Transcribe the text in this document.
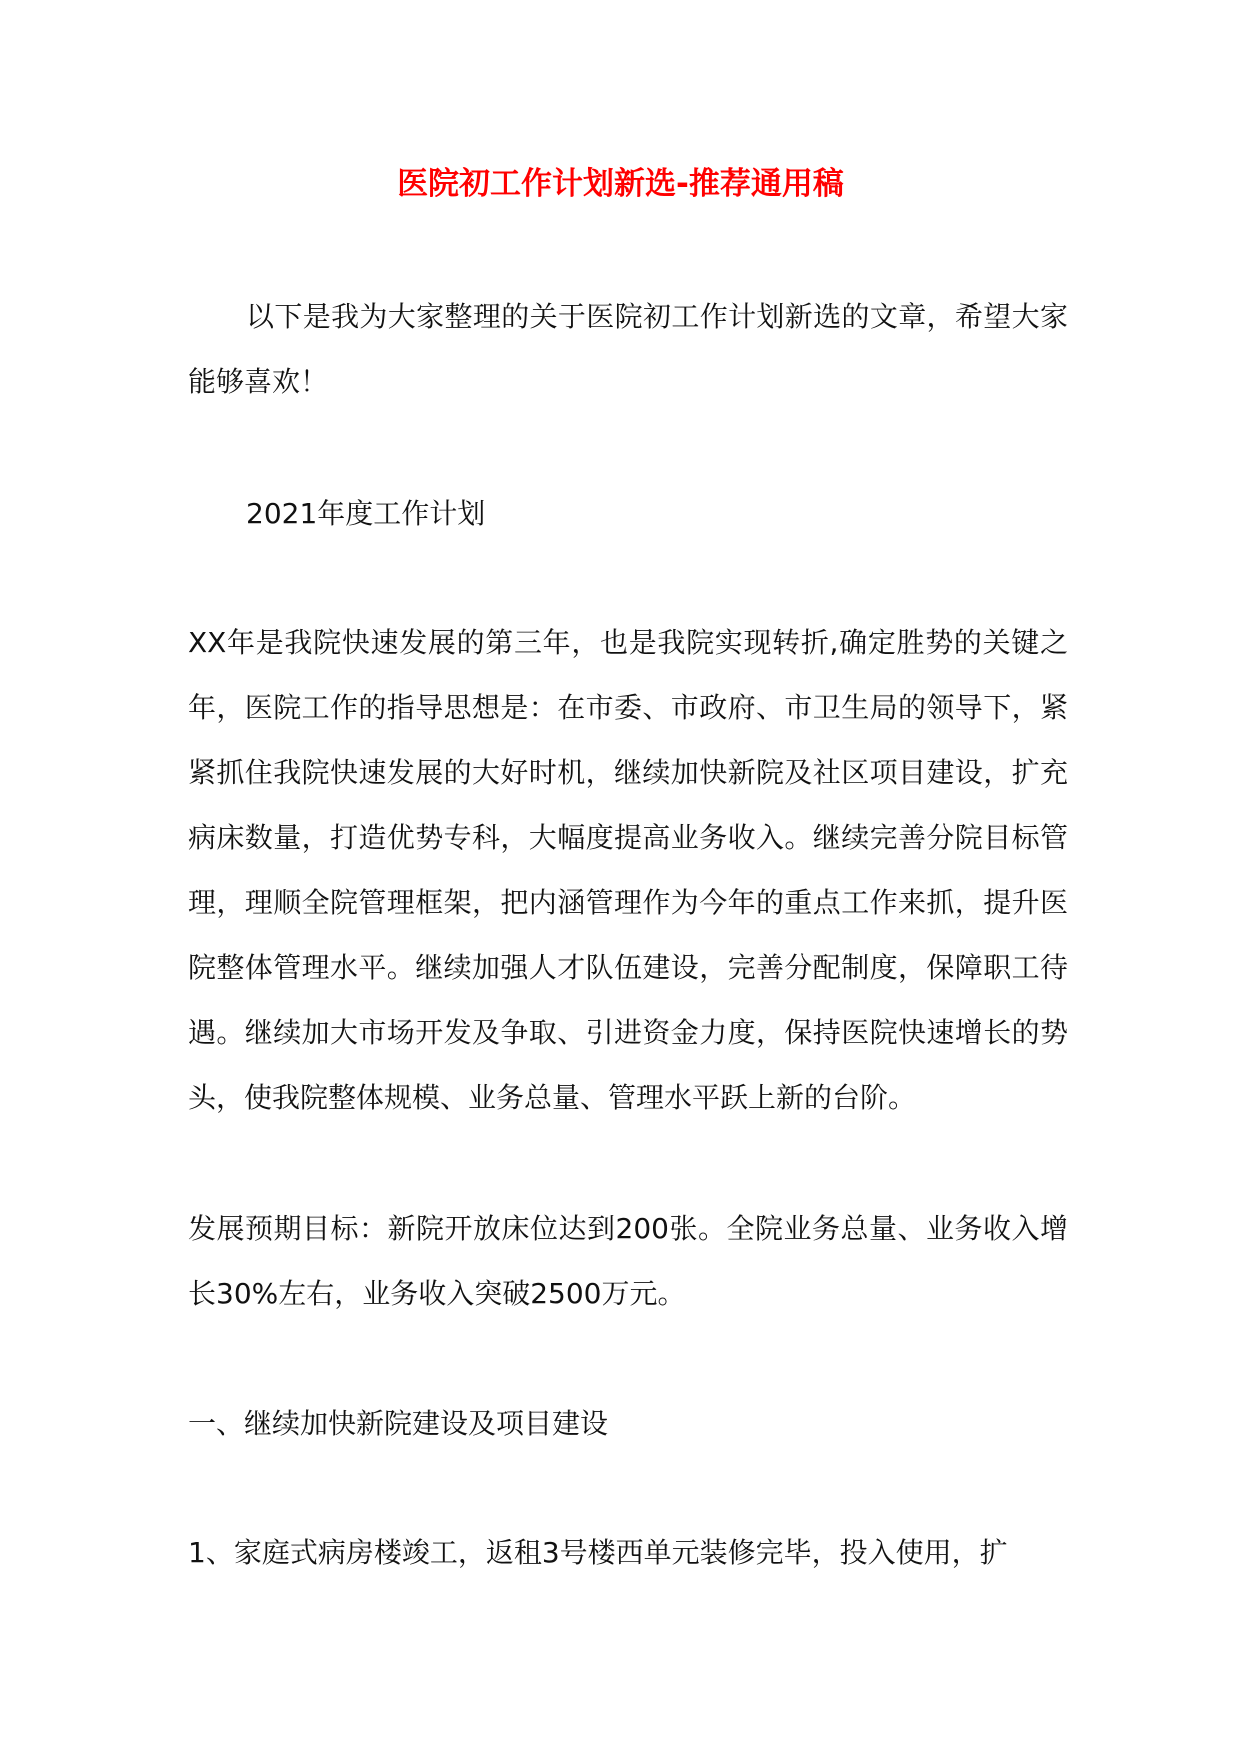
医院初工作计划新选-推荐通用稿

以下是我为大家整理的关于医院初工作计划新选的文章，希望大家能够喜欢！

2021年度工作计划

XX年是我院快速发展的第三年，也是我院实现转折,确定胜势的关键之年，医院工作的指导思想是：在市委、市政府、市卫生局的领导下，紧紧抓住我院快速发展的大好时机，继续加快新院及社区项目建设，扩充病床数量，打造优势专科，大幅度提高业务收入。继续完善分院目标管理，理顺全院管理框架，把内涵管理作为今年的重点工作来抓，提升医院整体管理水平。继续加强人才队伍建设，完善分配制度，保障职工待遇。继续加大市场开发及争取、引进资金力度，保持医院快速增长的势头，使我院整体规模、业务总量、管理水平跃上新的台阶。

发展预期目标：新院开放床位达到200张。全院业务总量、业务收入增长30%左右，业务收入突破2500万元。

一、继续加快新院建设及项目建设

1、家庭式病房楼竣工，返租3号楼西单元装修完毕，投入使用，扩
